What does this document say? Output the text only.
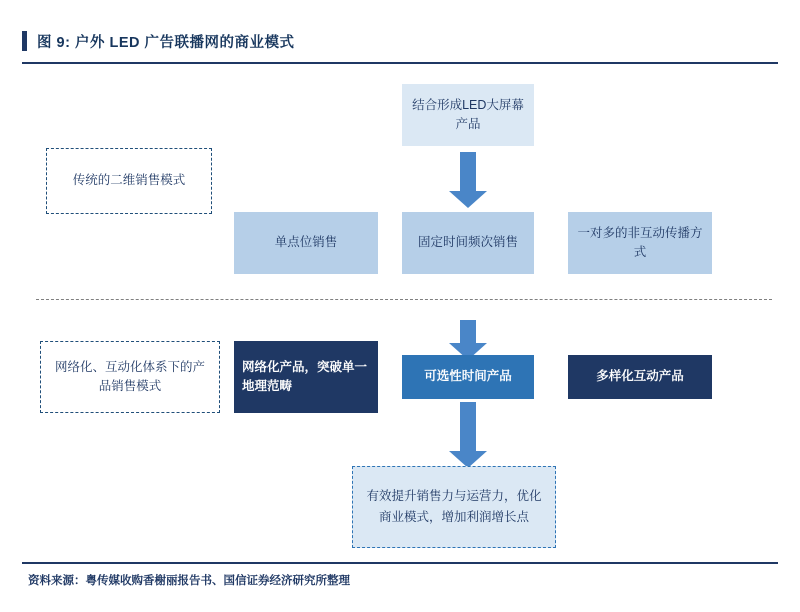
图 9: 户外 LED 广告联播网的商业模式
结合形成LED大屏幕产品
传统的二维销售模式
单点位销售	固定时间频次销售
一对多的非互动传播方式
网络化、互动化体系下的产品销售模式
网络化产品，突破单一地理范畴
可选性时间产品	多样化互动产品
有效提升销售力与运营力，优化商业模式，增加利润增长点
资料来源：粤传媒收购香榭丽报告书、国信证券经济研究所整理
